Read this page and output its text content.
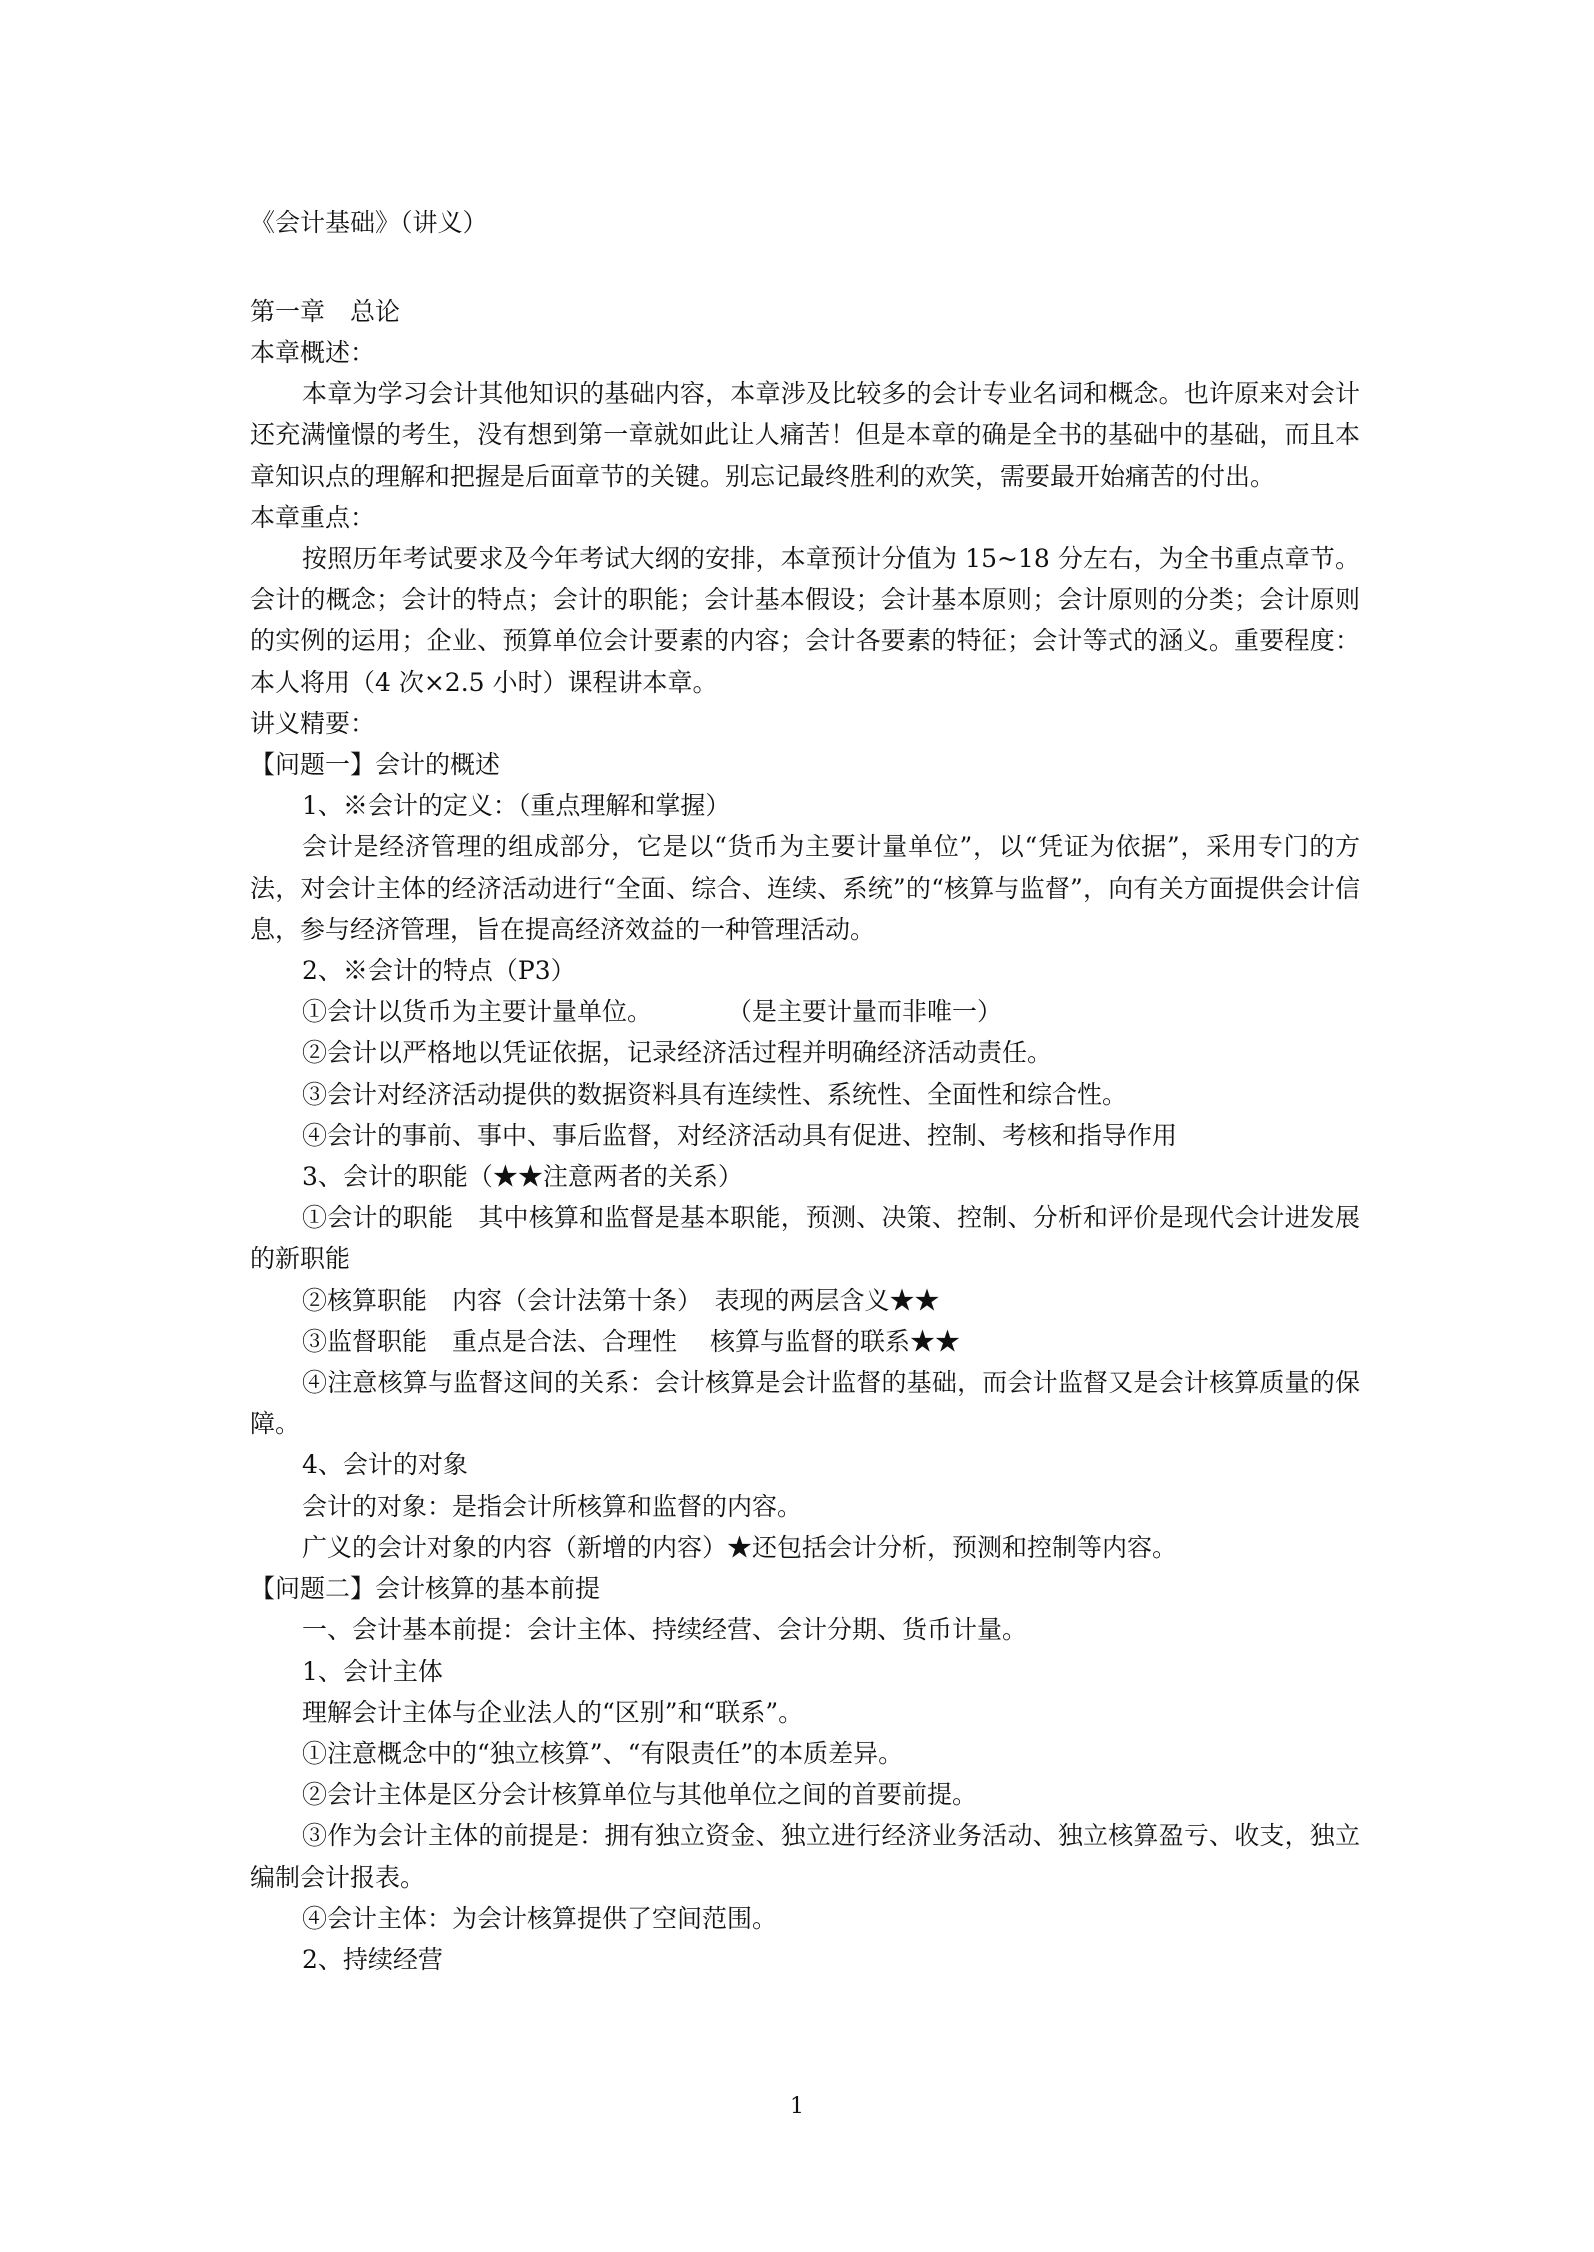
《会计基础》（讲义）

第一章　总论

本章概述：

本章为学习会计其他知识的基础内容，本章涉及比较多的会计专业名词和概念。也许原来对会计还充满憧憬的考生，没有想到第一章就如此让人痛苦！但是本章的确是全书的基础中的基础，而且本章知识点的理解和把握是后面章节的关键。别忘记最终胜利的欢笑，需要最开始痛苦的付出。

本章重点：

按照历年考试要求及今年考试大纲的安排，本章预计分值为 15~18 分左右，为全书重点章节。会计的概念；会计的特点；会计的职能；会计基本假设；会计基本原则；会计原则的分类；会计原则的实例的运用；企业、预算单位会计要素的内容；会计各要素的特征；会计等式的涵义。重要程度：本人将用（4 次×2.5 小时）课程讲本章。

讲义精要：

【问题一】会计的概述

1、※会计的定义：（重点理解和掌握）

会计是经济管理的组成部分，它是以“货币为主要计量单位”，以“凭证为依据”，采用专门的方法，对会计主体的经济活动进行“全面、综合、连续、系统”的“核算与监督”，向有关方面提供会计信息，参与经济管理，旨在提高经济效益的一种管理活动。

2、※会计的特点（P3）

①会计以货币为主要计量单位。　　　　（是主要计量而非唯一）

②会计以严格地以凭证依据，记录经济活过程并明确经济活动责任。

③会计对经济活动提供的数据资料具有连续性、系统性、全面性和综合性。

④会计的事前、事中、事后监督，对经济活动具有促进、控制、考核和指导作用

3、会计的职能（★★注意两者的关系）

①会计的职能　其中核算和监督是基本职能，预测、决策、控制、分析和评价是现代会计进发展的新职能

②核算职能　内容（会计法第十条）　表现的两层含义★★

③监督职能　重点是合法、合理性　 核算与监督的联系★★

④注意核算与监督这间的关系：会计核算是会计监督的基础，而会计监督又是会计核算质量的保障。

4、会计的对象

会计的对象：是指会计所核算和监督的内容。

广义的会计对象的内容（新增的内容）★还包括会计分析，预测和控制等内容。

【问题二】会计核算的基本前提

一、会计基本前提：会计主体、持续经营、会计分期、货币计量。

1、会计主体

理解会计主体与企业法人的“区别”和“联系”。

①注意概念中的“独立核算”、“有限责任”的本质差异。

②会计主体是区分会计核算单位与其他单位之间的首要前提。

③作为会计主体的前提是：拥有独立资金、独立进行经济业务活动、独立核算盈亏、收支，独立编制会计报表。

④会计主体：为会计核算提供了空间范围。

2、持续经营

1
